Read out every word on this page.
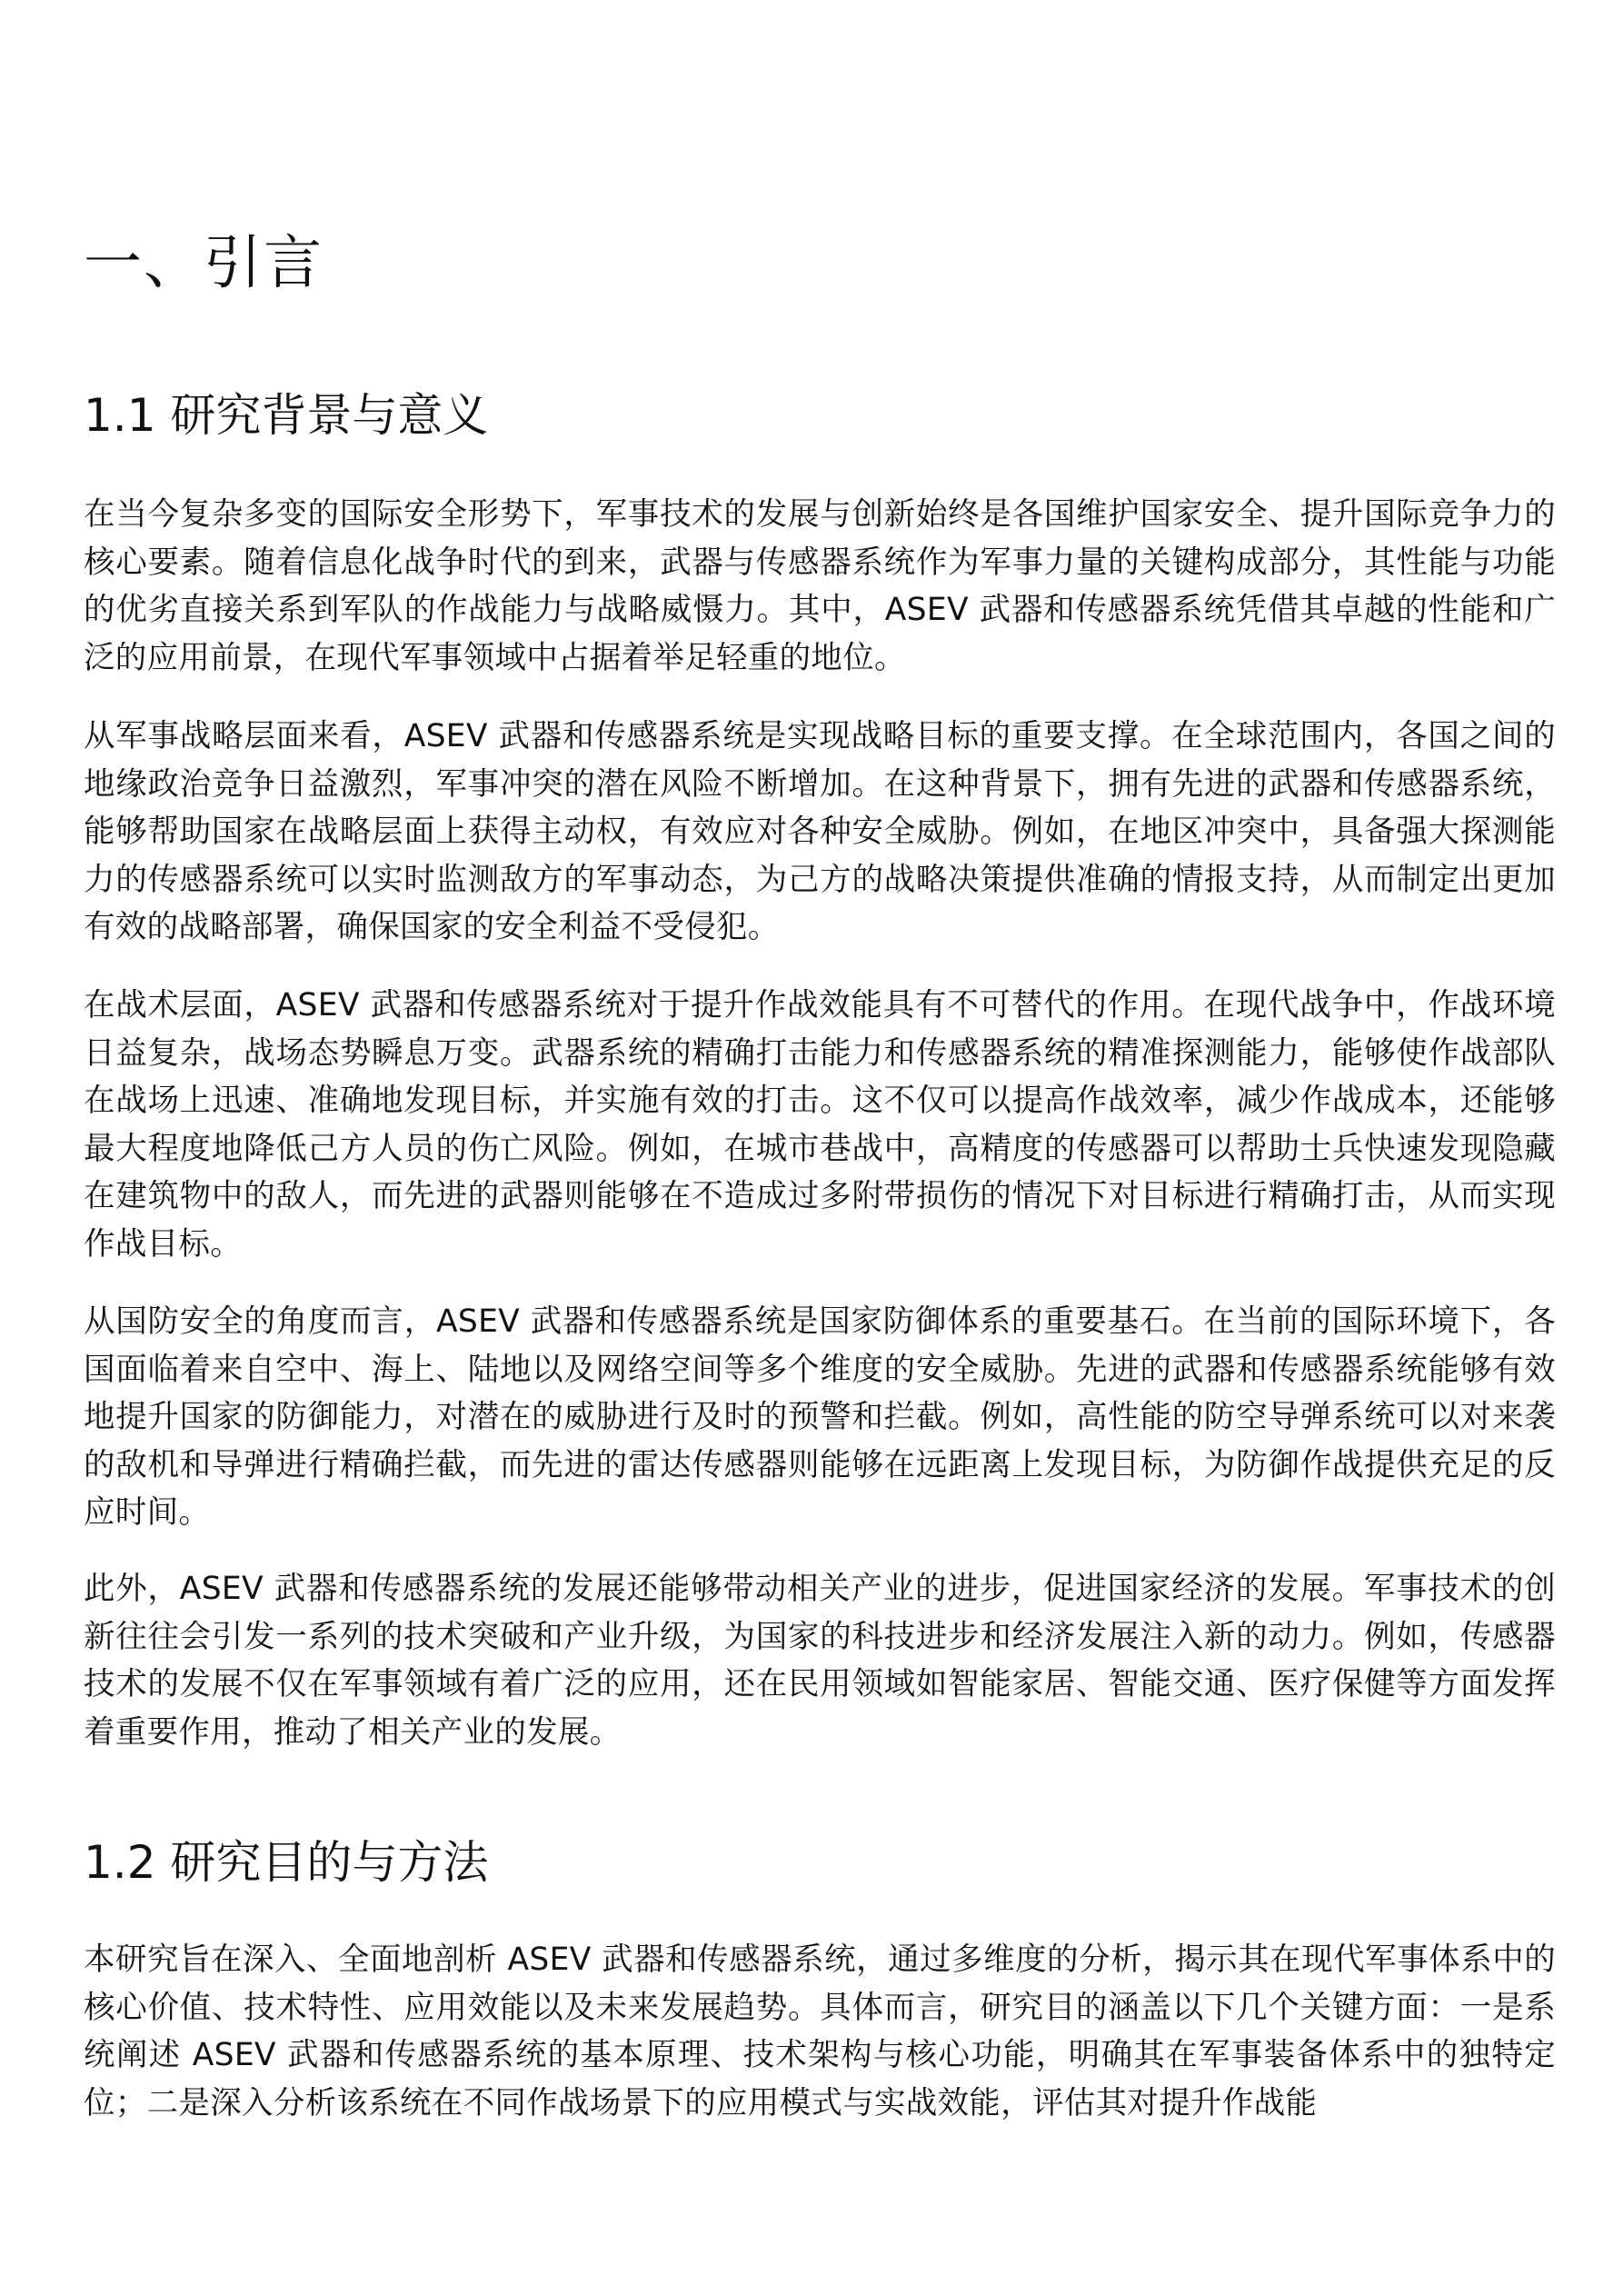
一、引言
1.1 研究背景与意义

在当今复杂多变的国际安全形势下，军事技术的发展与创新始终是各国维护国家安全、提升国际竞争力的核心要素。随着信息化战争时代的到来，武器与传感器系统作为军事力量的关键构成部分，其性能与功能的优劣直接关系到军队的作战能力与战略威慑力。其中，ASEV 武器和传感器系统凭借其卓越的性能和广泛的应用前景，在现代军事领域中占据着举足轻重的地位。

从军事战略层面来看，ASEV 武器和传感器系统是实现战略目标的重要支撑。在全球范围内，各国之间的地缘政治竞争日益激烈，军事冲突的潜在风险不断增加。在这种背景下，拥有先进的武器和传感器系统，能够帮助国家在战略层面上获得主动权，有效应对各种安全威胁。例如，在地区冲突中，具备强大探测能力的传感器系统可以实时监测敌方的军事动态，为己方的战略决策提供准确的情报支持，从而制定出更加有效的战略部署，确保国家的安全利益不受侵犯。

在战术层面，ASEV 武器和传感器系统对于提升作战效能具有不可替代的作用。在现代战争中，作战环境日益复杂，战场态势瞬息万变。武器系统的精确打击能力和传感器系统的精准探测能力，能够使作战部队在战场上迅速、准确地发现目标，并实施有效的打击。这不仅可以提高作战效率，减少作战成本，还能够最大程度地降低己方人员的伤亡风险。例如，在城市巷战中，高精度的传感器可以帮助士兵快速发现隐藏在建筑物中的敌人，而先进的武器则能够在不造成过多附带损伤的情况下对目标进行精确打击，从而实现作战目标。

从国防安全的角度而言，ASEV 武器和传感器系统是国家防御体系的重要基石。在当前的国际环境下，各国面临着来自空中、海上、陆地以及网络空间等多个维度的安全威胁。先进的武器和传感器系统能够有效地提升国家的防御能力，对潜在的威胁进行及时的预警和拦截。例如，高性能的防空导弹系统可以对来袭的敌机和导弹进行精确拦截，而先进的雷达传感器则能够在远距离上发现目标，为防御作战提供充足的反应时间。

此外，ASEV 武器和传感器系统的发展还能够带动相关产业的进步，促进国家经济的发展。军事技术的创新往往会引发一系列的技术突破和产业升级，为国家的科技进步和经济发展注入新的动力。例如，传感器技术的发展不仅在军事领域有着广泛的应用，还在民用领域如智能家居、智能交通、医疗保健等方面发挥着重要作用，推动了相关产业的发展。

1.2 研究目的与方法

本研究旨在深入、全面地剖析 ASEV 武器和传感器系统，通过多维度的分析，揭示其在现代军事体系中的核心价值、技术特性、应用效能以及未来发展趋势。具体而言，研究目的涵盖以下几个关键方面：一是系统阐述 ASEV 武器和传感器系统的基本原理、技术架构与核心功能，明确其在军事装备体系中的独特定位；二是深入分析该系统在不同作战场景下的应用模式与实战效能，评估其对提升作战能
